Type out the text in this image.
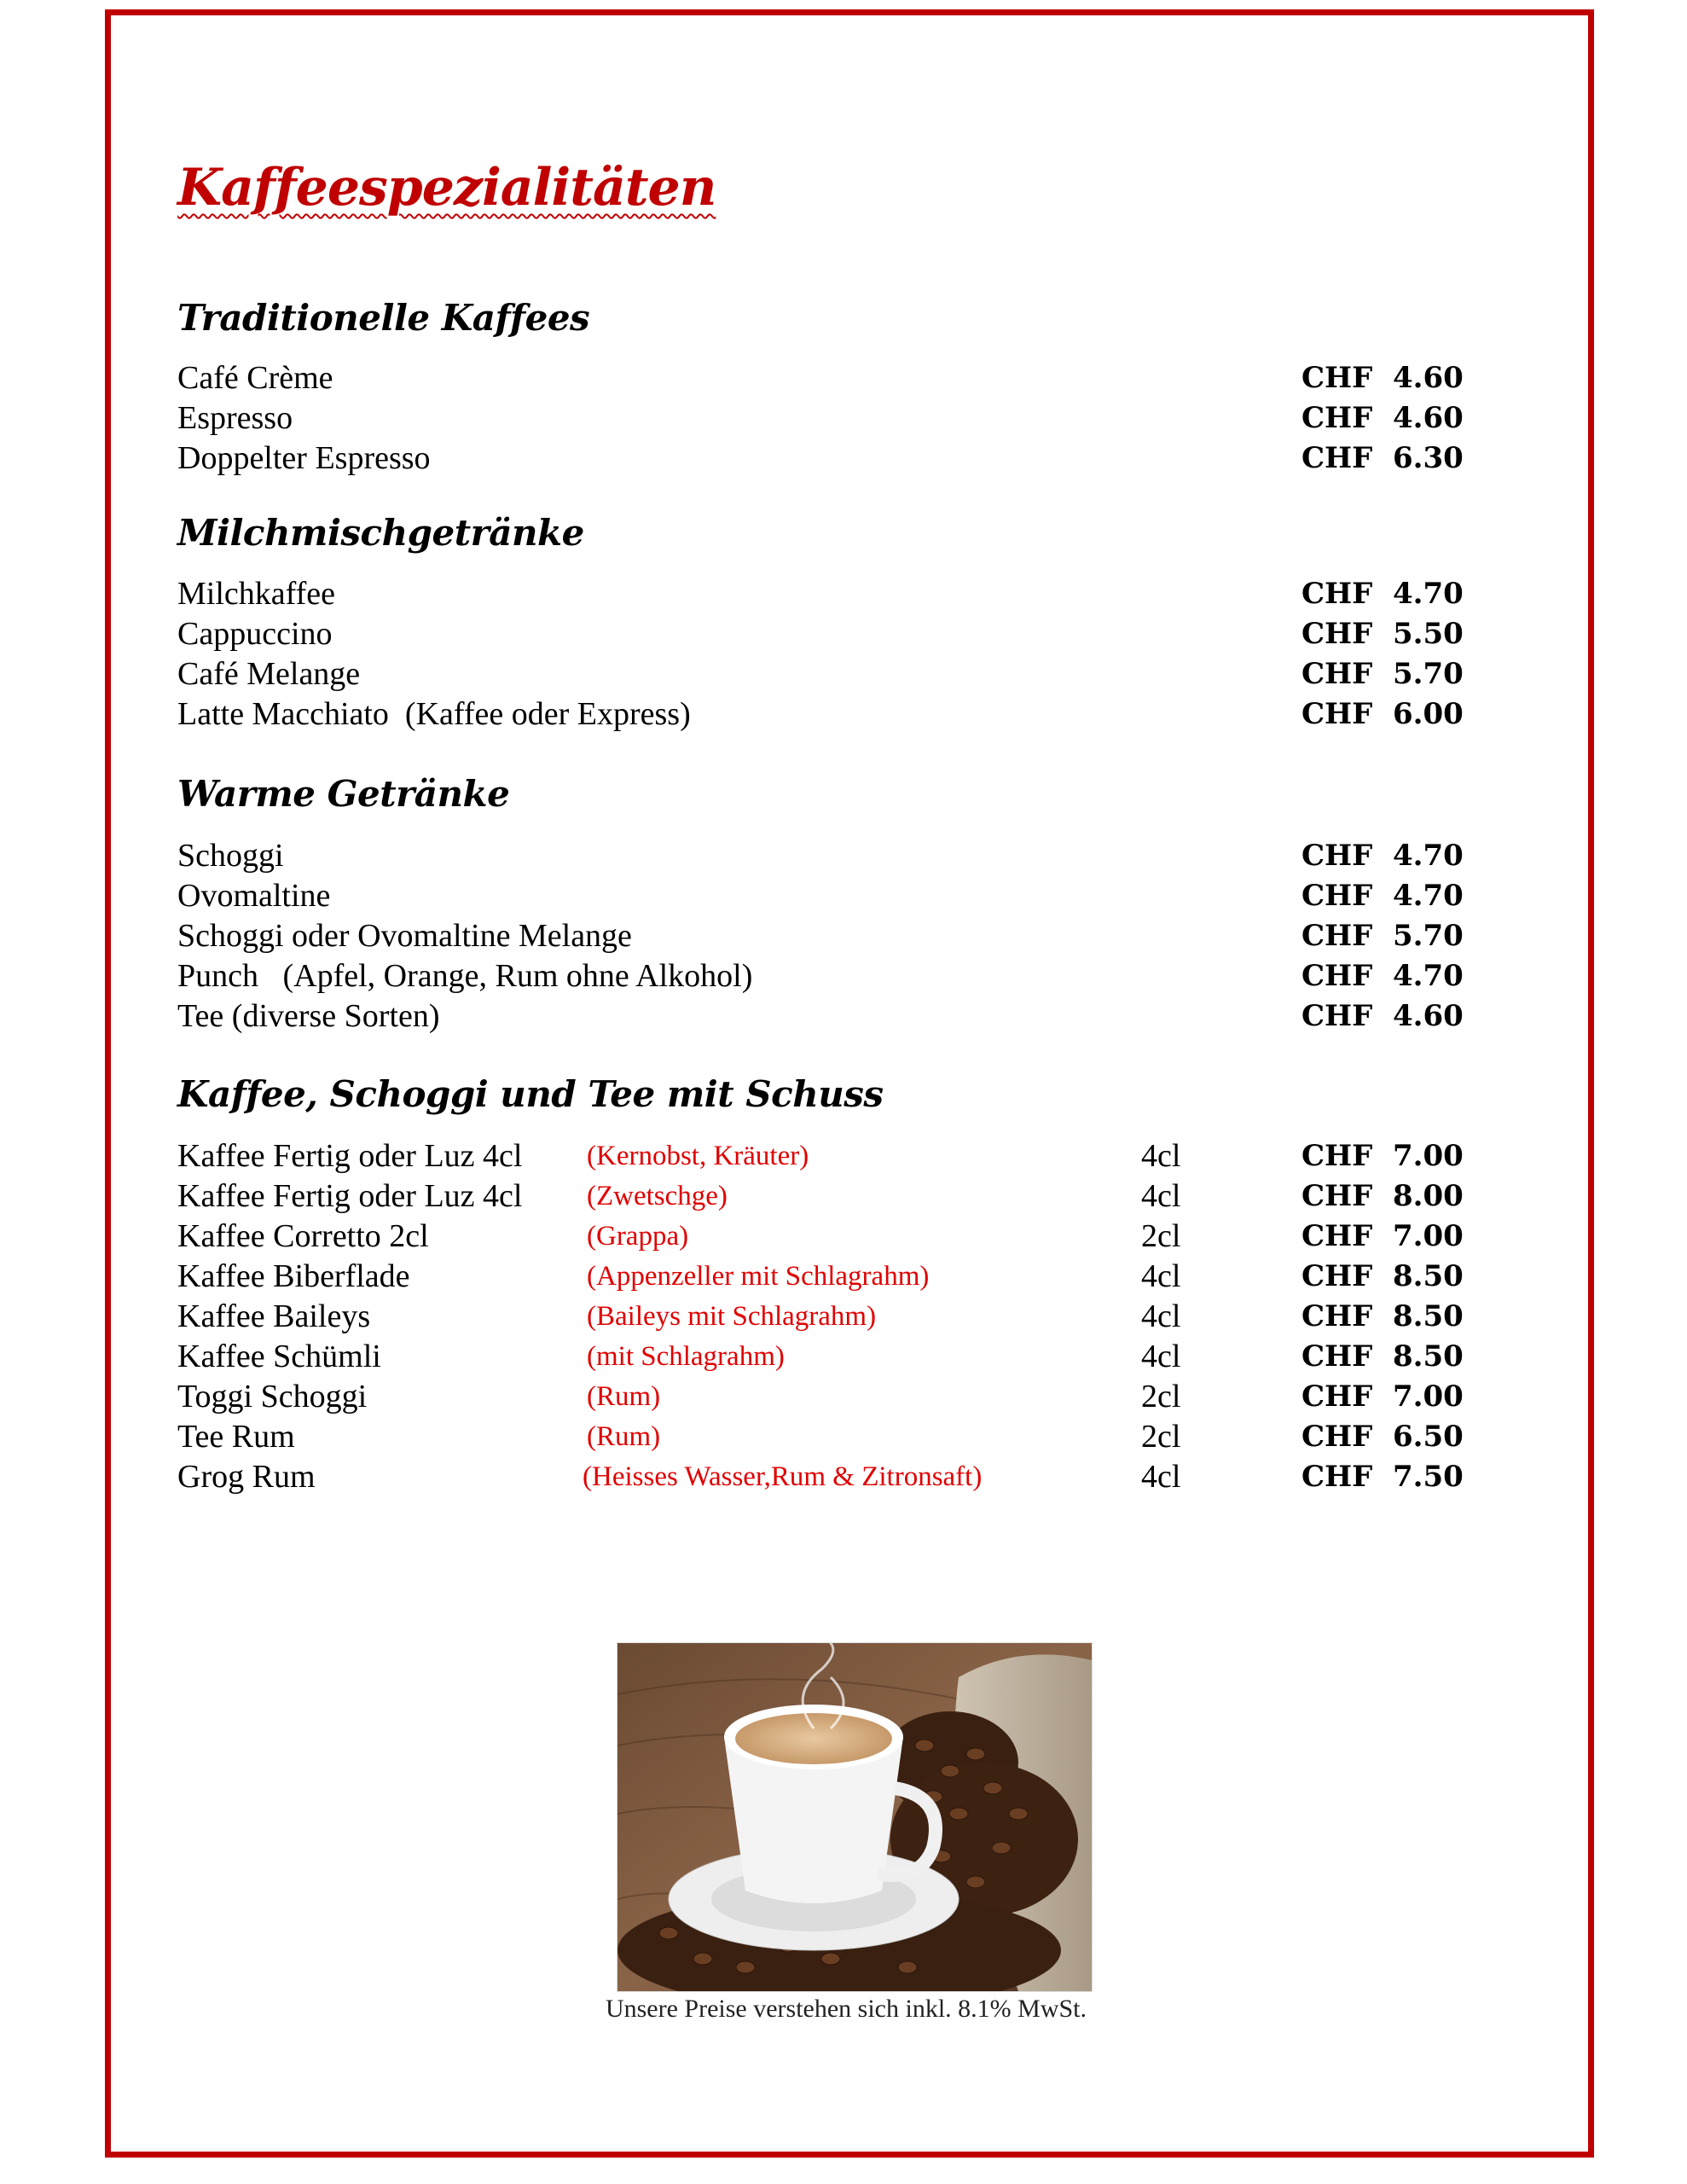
Kaffeespezialitäten
Traditionelle Kaffees
Café Crème	CHF  4.60
Espresso	CHF  4.60
Doppelter Espresso	CHF  6.30
Milchmischgetränke
Milchkaffee	CHF  4.70
Cappuccino	CHF  5.50
Café Melange	CHF  5.70
Latte Macchiato  (Kaffee oder Express)	CHF  6.00
Warme Getränke
Schoggi	CHF  4.70
Ovomaltine	CHF  4.70
Schoggi oder Ovomaltine Melange	CHF  5.70
Punch   (Apfel, Orange, Rum ohne Alkohol)	CHF  4.70
Tee (diverse Sorten)	CHF  4.60
Kaffee, Schoggi und Tee mit Schuss
Kaffee Fertig oder Luz 4cl (Kernobst, Kräuter)	4cl	CHF  7.00
Kaffee Fertig oder Luz 4cl (Zwetschge)	4cl	CHF  8.00
Kaffee Corretto 2cl	(Grappa)	2cl	CHF  7.00
Kaffee Biberflade	(Appenzeller mit Schlagrahm)	4cl	CHF  8.50
Kaffee Baileys	(Baileys mit Schlagrahm)	4cl	CHF  8.50
Kaffee Schümli	(mit Schlagrahm)	4cl	CHF  8.50
Toggi Schoggi	(Rum)	2cl	CHF  7.00
Tee Rum	(Rum)	2cl	CHF  6.50
Grog Rum	(Heisses Wasser,Rum & Zitronsaft)	4cl	CHF  7.50
Unsere Preise verstehen sich inkl. 8.1% MwSt.
